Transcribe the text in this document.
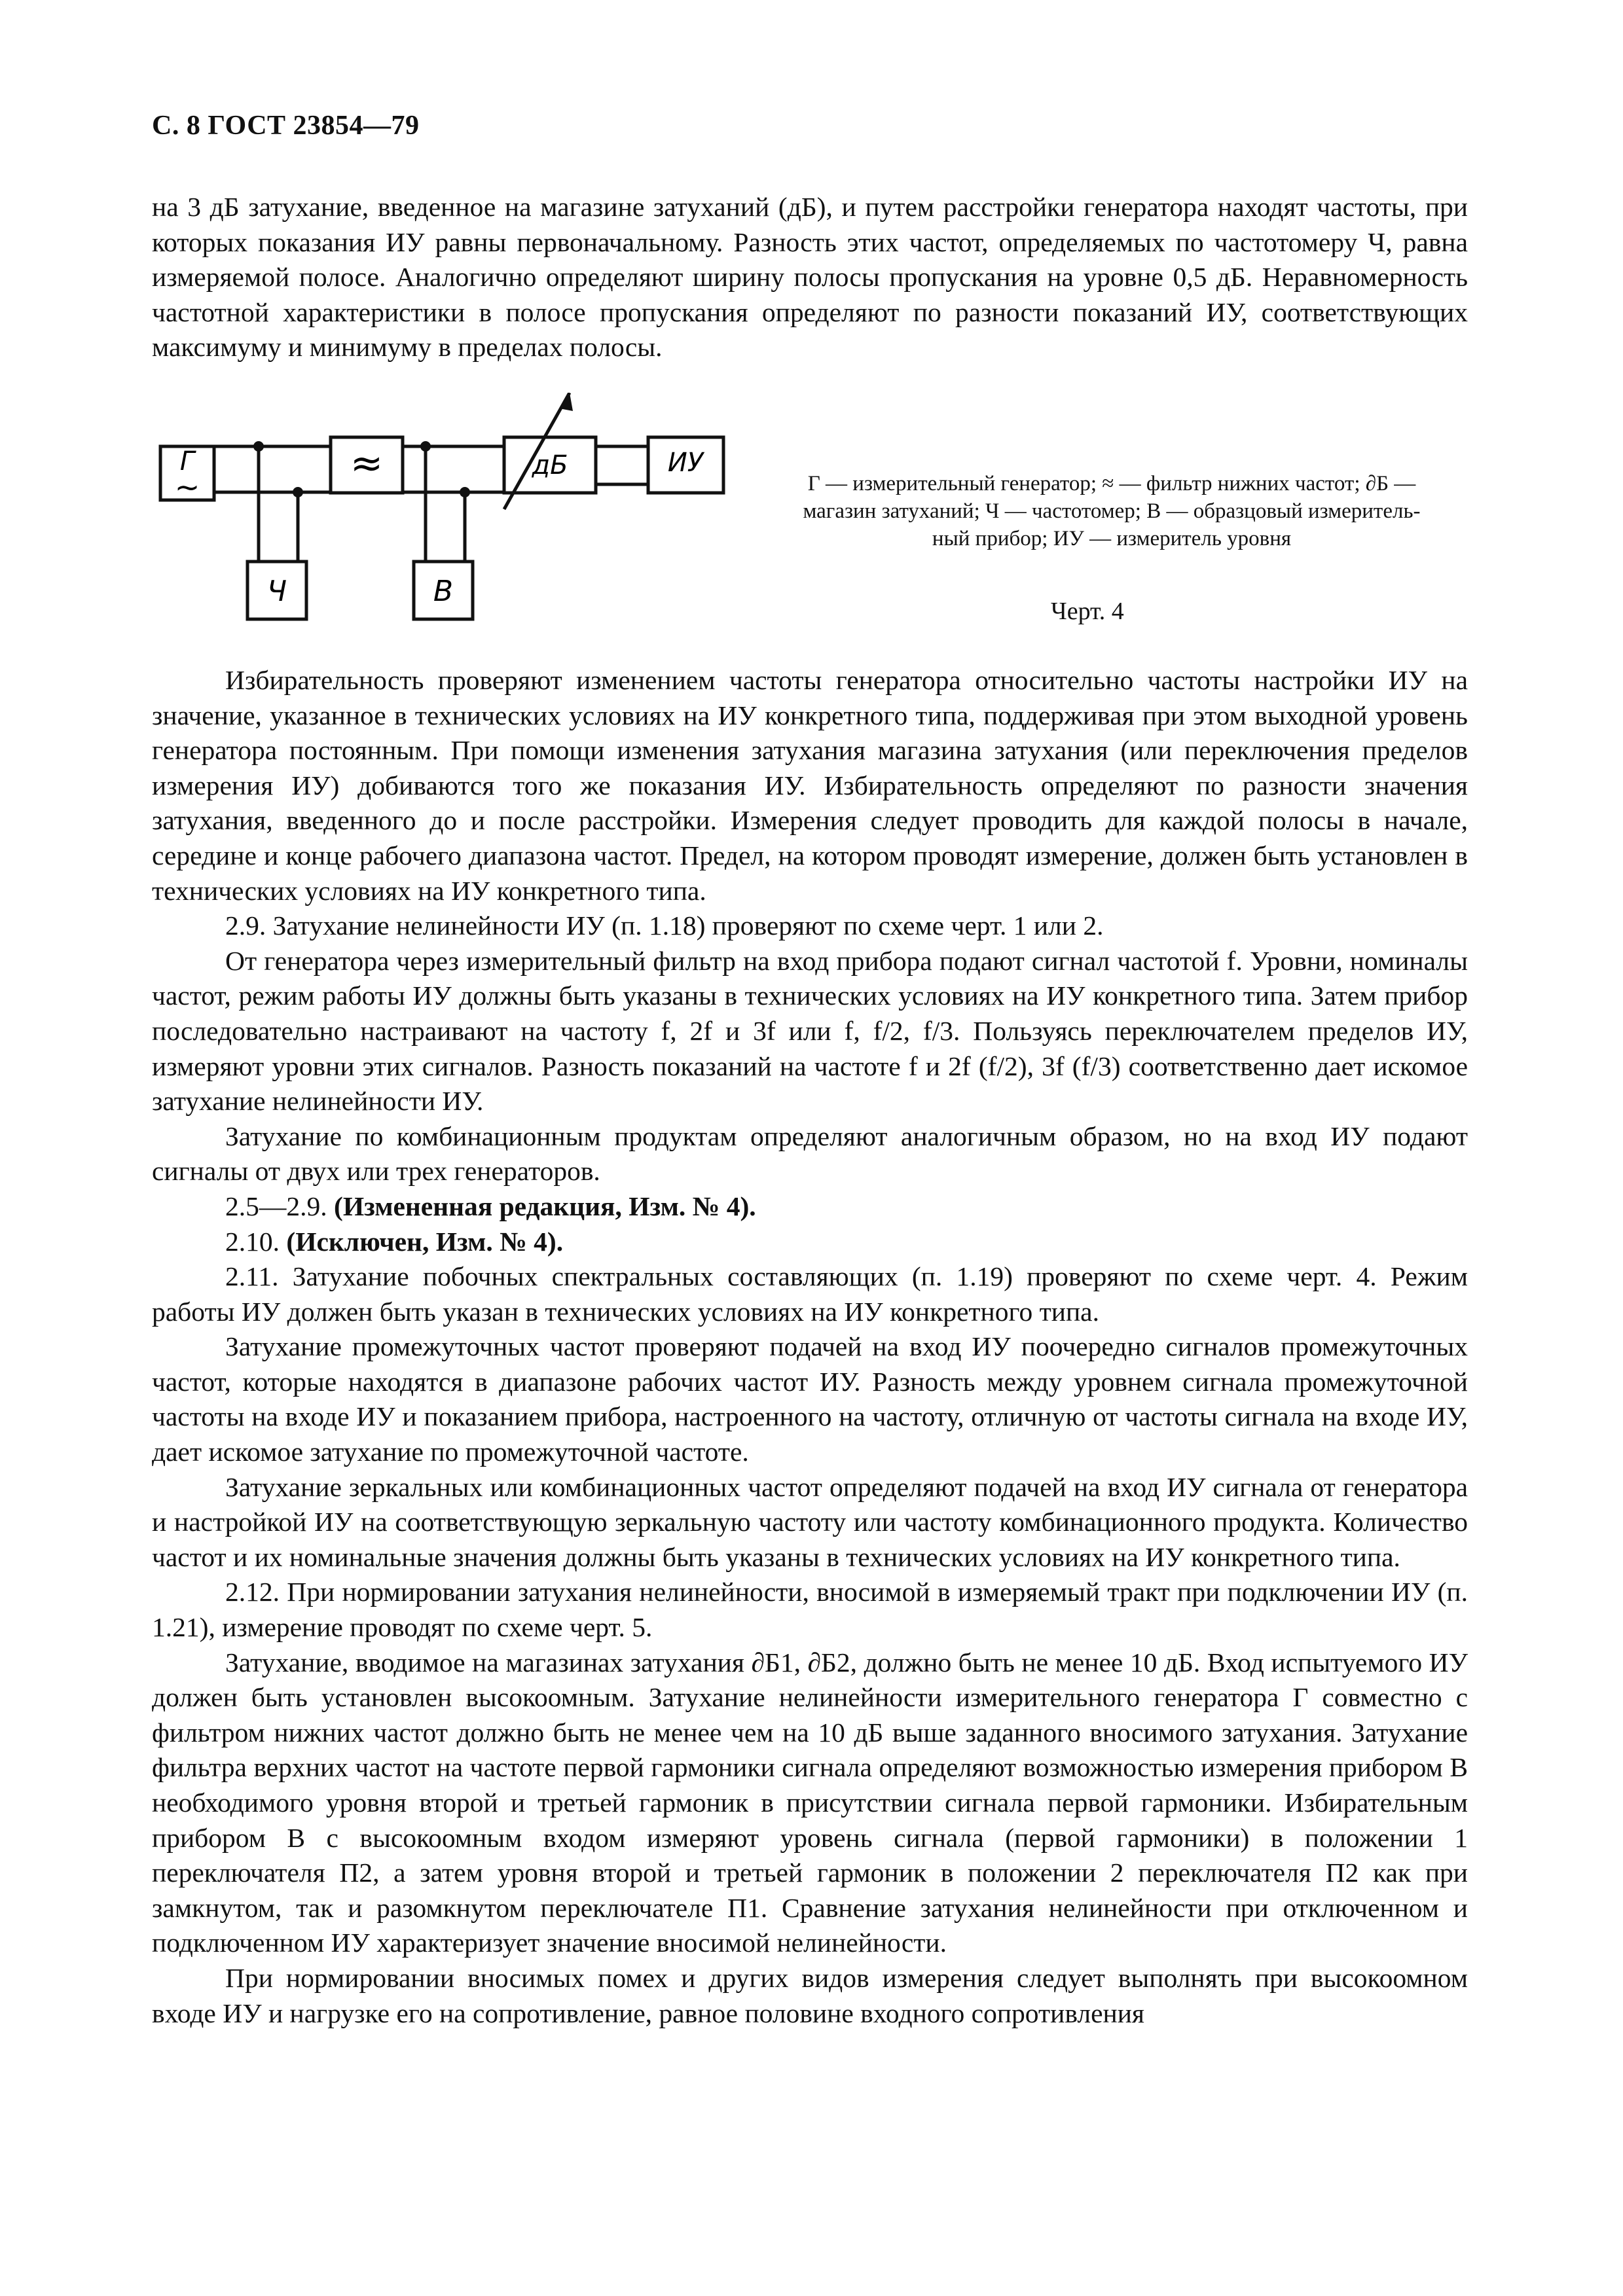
С. 8 ГОСТ 23854—79

на 3 дБ затухание, введенное на магазине затуханий (дБ), и путем расстройки генератора находят частоты, при которых показания ИУ равны первоначальному. Разность этих частот, определяемых по частотомеру Ч, равна измеряемой полосе. Аналогично определяют ширину полосы пропускания на уровне 0,5 дБ. Неравномерность частотной характеристики в полосе пропускания определяют по разности показаний ИУ, соответствующих максимуму и минимуму в пределах полосы.

Г
~
≈	дБ	ИУ
Ч	В
Г — измерительный генератор; ≈ — фильтр нижних частот; ∂Б —
магазин затуханий; Ч — частотомер; В — образцовый измеритель-
ный прибор; ИУ — измеритель уровня
Черт. 4

Избирательность проверяют изменением частоты генератора относительно частоты настройки ИУ на значение, указанное в технических условиях на ИУ конкретного типа, поддерживая при этом выходной уровень генератора постоянным. При помощи изменения затухания магазина затухания (или переключения пределов измерения ИУ) добиваются того же показания ИУ. Избирательность определяют по разности значения затухания, введенного до и после расстройки. Измерения следует проводить для каждой полосы в начале, середине и конце рабочего диапазона частот. Предел, на котором проводят измерение, должен быть установлен в технических условиях на ИУ конкретного типа.

2.9. Затухание нелинейности ИУ (п. 1.18) проверяют по схеме черт. 1 или 2.

От генератора через измерительный фильтр на вход прибора подают сигнал частотой f. Уровни, номиналы частот, режим работы ИУ должны быть указаны в технических условиях на ИУ конкретного типа. Затем прибор последовательно настраивают на частоту f, 2f и 3f или f, f/2, f/3. Пользуясь переключателем пределов ИУ, измеряют уровни этих сигналов. Разность показаний на частоте f и 2f (f/2), 3f (f/3) соответственно дает искомое затухание нелинейности ИУ.

Затухание по комбинационным продуктам определяют аналогичным образом, но на вход ИУ подают сигналы от двух или трех генераторов.

2.5—2.9. (Измененная редакция, Изм. № 4).

2.10. (Исключен, Изм. № 4).

2.11. Затухание побочных спектральных составляющих (п. 1.19) проверяют по схеме черт. 4. Режим работы ИУ должен быть указан в технических условиях на ИУ конкретного типа.

Затухание промежуточных частот проверяют подачей на вход ИУ поочередно сигналов промежуточных частот, которые находятся в диапазоне рабочих частот ИУ. Разность между уровнем сигнала промежуточной частоты на входе ИУ и показанием прибора, настроенного на частоту, отличную от частоты сигнала на входе ИУ, дает искомое затухание по промежуточной частоте.

Затухание зеркальных или комбинационных частот определяют подачей на вход ИУ сигнала от генератора и настройкой ИУ на соответствующую зеркальную частоту или частоту комбинационного продукта. Количество частот и их номинальные значения должны быть указаны в технических условиях на ИУ конкретного типа.

2.12. При нормировании затухания нелинейности, вносимой в измеряемый тракт при подключении ИУ (п. 1.21), измерение проводят по схеме черт. 5.

Затухание, вводимое на магазинах затухания ∂Б1, ∂Б2, должно быть не менее 10 дБ. Вход испытуемого ИУ должен быть установлен высокоомным. Затухание нелинейности измерительного генератора Г совместно с фильтром нижних частот должно быть не менее чем на 10 дБ выше заданного вносимого затухания. Затухание фильтра верхних частот на частоте первой гармоники сигнала определяют возможностью измерения прибором В необходимого уровня второй и третьей гармоник в присутствии сигнала первой гармоники. Избирательным прибором В с высокоомным входом измеряют уровень сигнала (первой гармоники) в положении 1 переключателя П2, а затем уровня второй и третьей гармоник в положении 2 переключателя П2 как при замкнутом, так и разомкнутом переключателе П1. Сравнение затухания нелинейности при отключенном и подключенном ИУ характеризует значение вносимой нелинейности.

При нормировании вносимых помех и других видов измерения следует выполнять при высокоомном входе ИУ и нагрузке его на сопротивление, равное половине входного сопротивления
